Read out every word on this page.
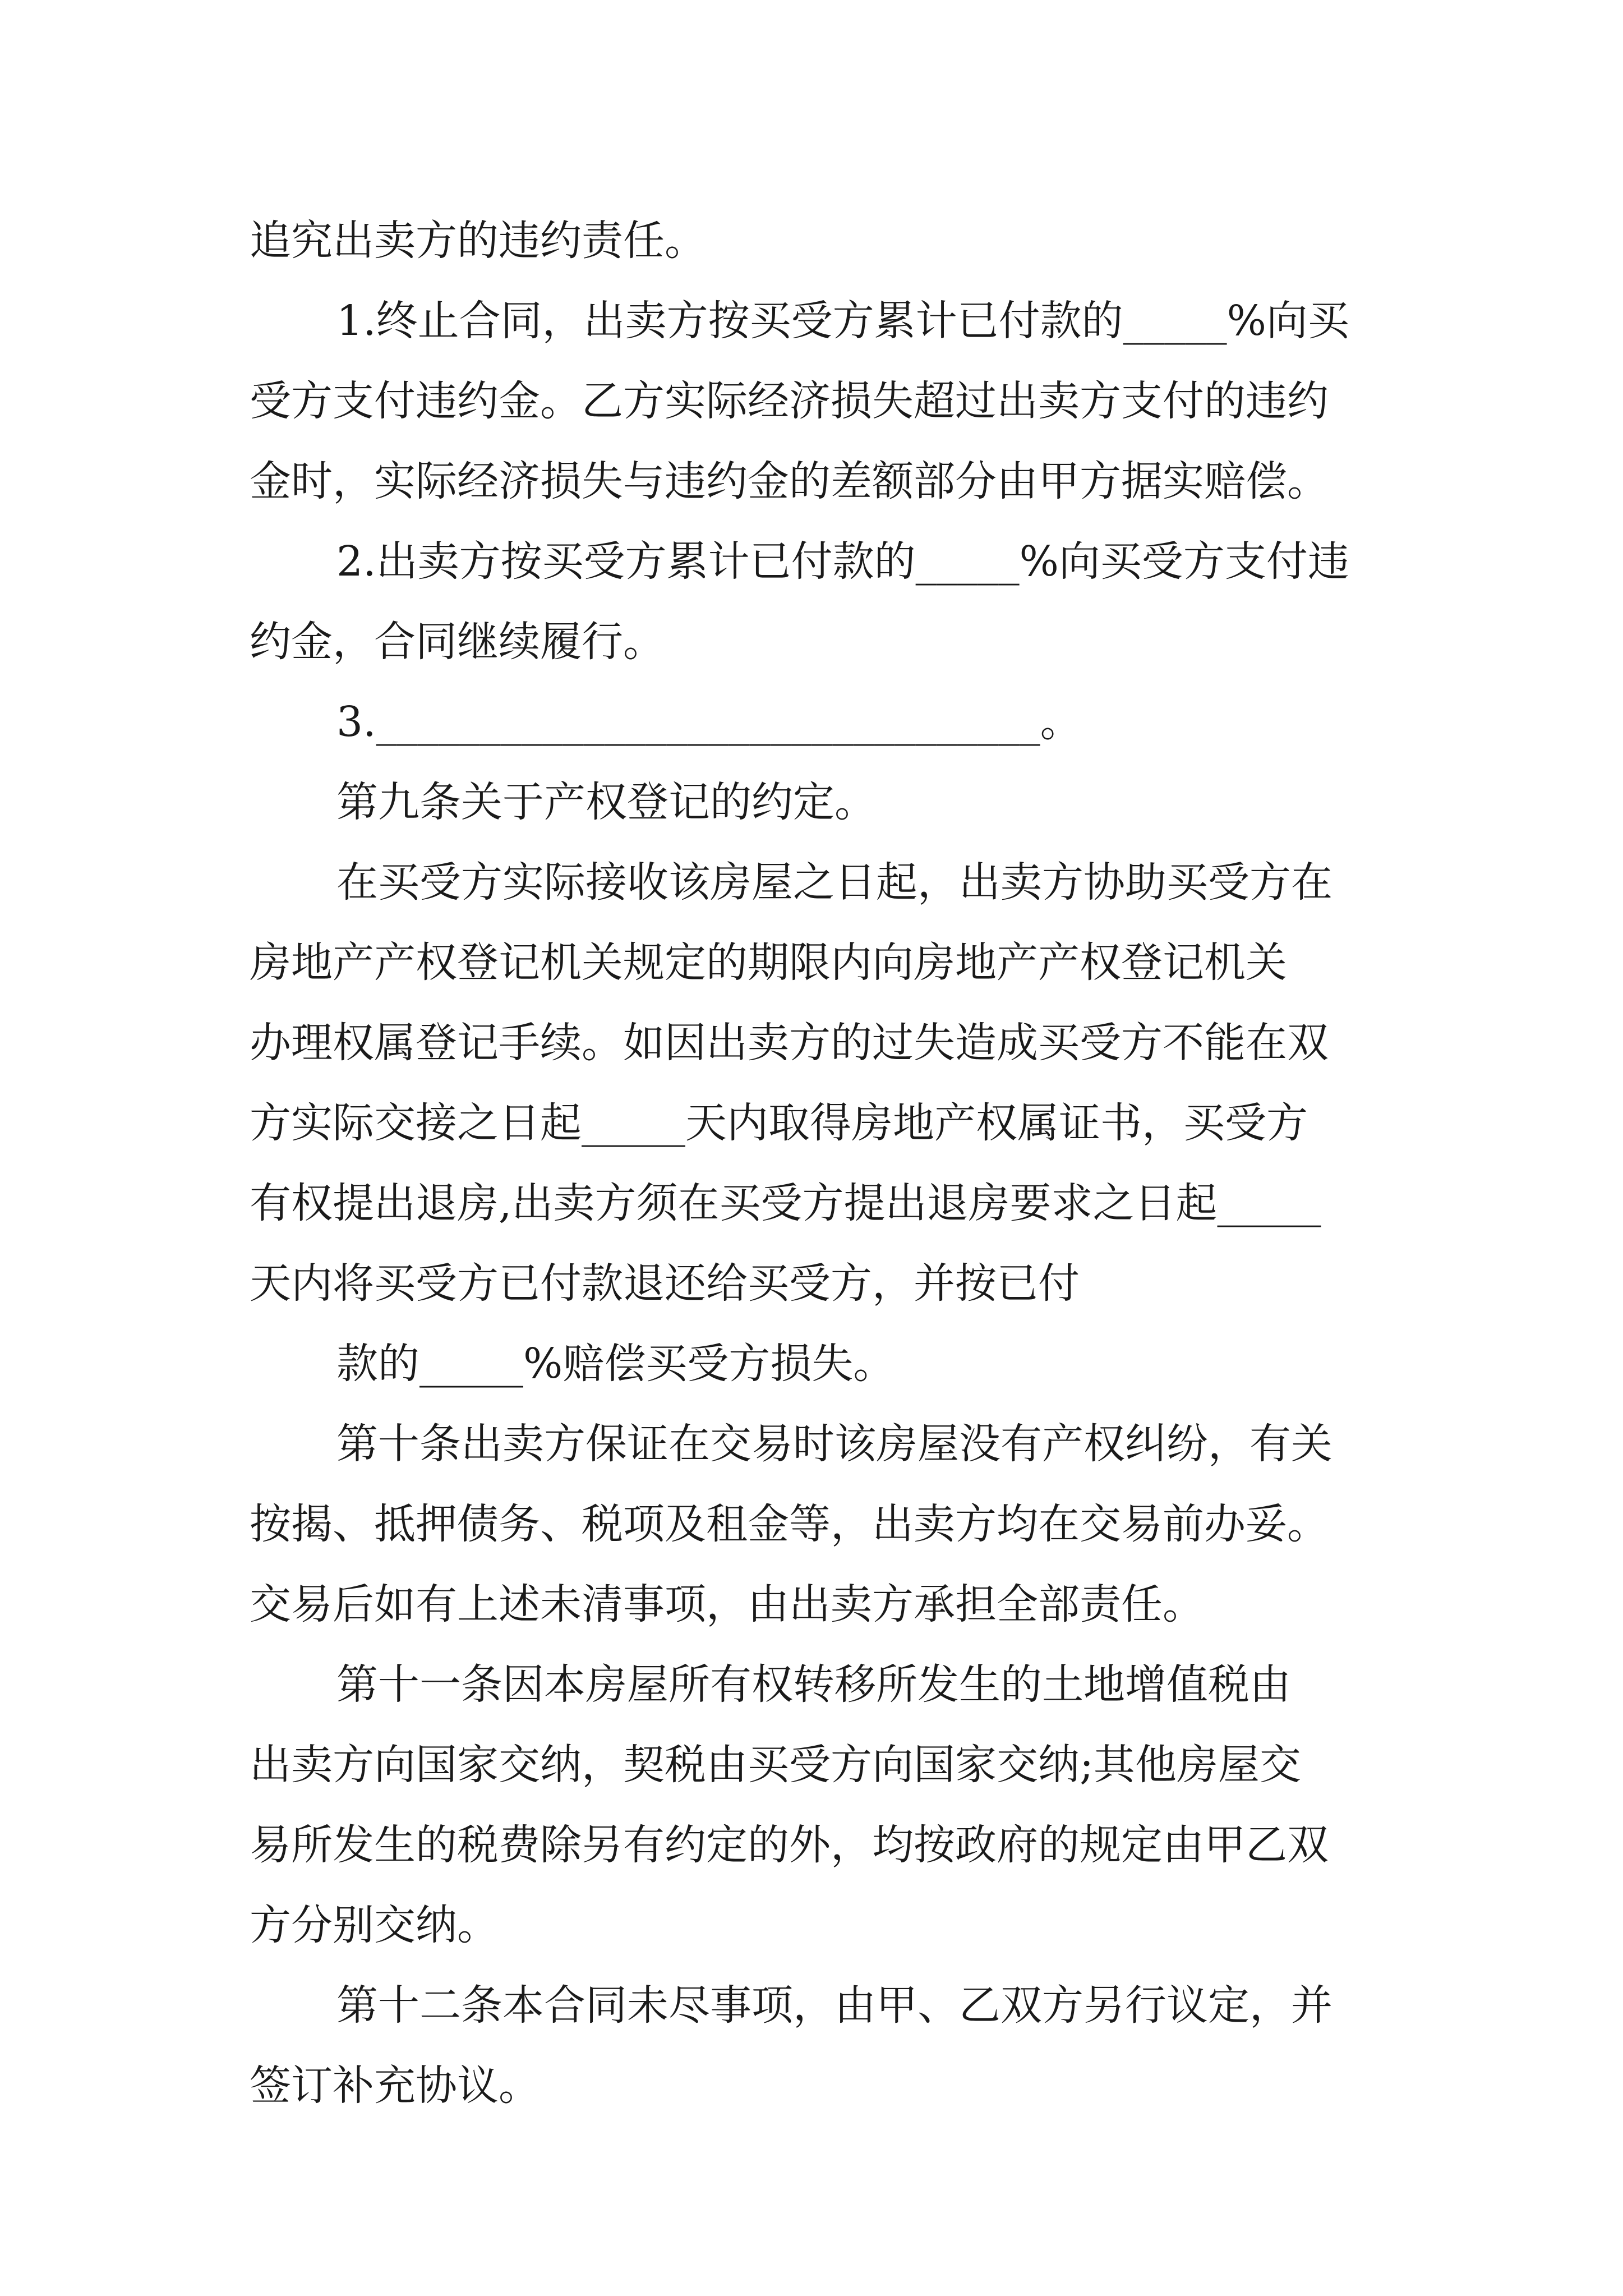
追究出卖方的违约责任。

1.终止合同，出卖方按买受方累计已付款的_____%向买

受方支付违约金。乙方实际经济损失超过出卖方支付的违约

金时，实际经济损失与违约金的差额部分由甲方据实赔偿。

2.出卖方按买受方累计已付款的_____%向买受方支付违

约金，合同继续履行。

3.________________________________。

第九条关于产权登记的约定。

在买受方实际接收该房屋之日起，出卖方协助买受方在

房地产产权登记机关规定的期限内向房地产产权登记机关

办理权属登记手续。如因出卖方的过失造成买受方不能在双

方实际交接之日起_____天内取得房地产权属证书，买受方

有权提出退房,出卖方须在买受方提出退房要求之日起_____

天内将买受方已付款退还给买受方，并按已付

款的_____%赔偿买受方损失。

第十条出卖方保证在交易时该房屋没有产权纠纷，有关

按揭、抵押债务、税项及租金等，出卖方均在交易前办妥。

交易后如有上述未清事项，由出卖方承担全部责任。

第十一条因本房屋所有权转移所发生的土地增值税由

出卖方向国家交纳，契税由买受方向国家交纳;其他房屋交

易所发生的税费除另有约定的外，均按政府的规定由甲乙双

方分别交纳。

第十二条本合同未尽事项，由甲、乙双方另行议定，并

签订补充协议。
